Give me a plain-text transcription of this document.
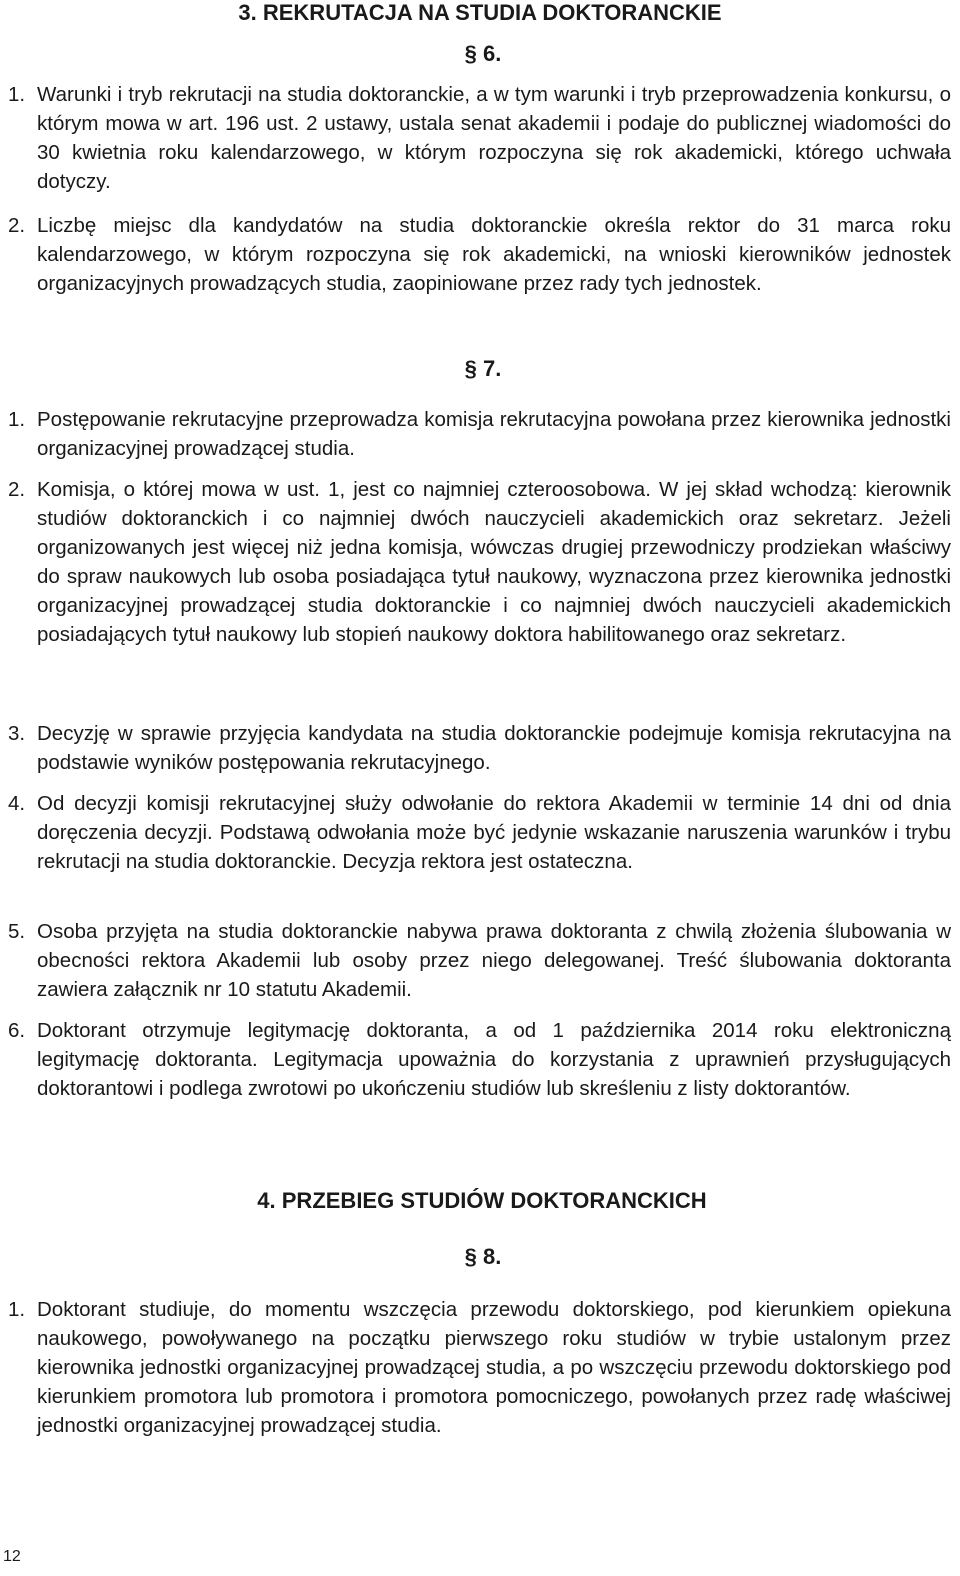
3. REKRUTACJA NA STUDIA DOKTORANCKIE
§ 6.
1. Warunki i tryb rekrutacji na studia doktoranckie, a w tym warunki i tryb przeprowadzenia konkursu, o którym mowa w art. 196 ust. 2 ustawy, ustala senat akademii i podaje do publicznej wiadomości do 30 kwietnia roku kalendarzowego, w którym rozpoczyna się rok akademicki, którego uchwała dotyczy.
2. Liczbę miejsc dla kandydatów na studia doktoranckie określa rektor do 31 marca roku kalendarzowego, w którym rozpoczyna się rok akademicki, na wnioski kierowników jednostek organizacyjnych prowadzących studia, zaopiniowane przez rady tych jednostek.
§ 7.
1. Postępowanie rekrutacyjne przeprowadza komisja rekrutacyjna powołana przez kierownika jednostki organizacyjnej prowadzącej studia.
2. Komisja, o której mowa w ust. 1, jest co najmniej czteroosobowa. W jej skład wchodzą: kierownik studiów doktoranckich i co najmniej dwóch nauczycieli akademickich oraz sekretarz. Jeżeli organizowanych jest więcej niż jedna komisja, wówczas drugiej przewodniczy prodziekan właściwy do spraw naukowych lub osoba posiadająca tytuł naukowy, wyznaczona przez kierownika jednostki organizacyjnej prowadzącej studia doktoranckie i co najmniej dwóch nauczycieli akademickich posiadających tytuł naukowy lub stopień naukowy doktora habilitowanego oraz sekretarz.
3. Decyzję w sprawie przyjęcia kandydata na studia doktoranckie podejmuje komisja rekrutacyjna na podstawie wyników postępowania rekrutacyjnego.
4. Od decyzji komisji rekrutacyjnej służy odwołanie do rektora Akademii w terminie 14 dni od dnia doręczenia decyzji. Podstawą odwołania może być jedynie wskazanie naruszenia warunków i trybu rekrutacji na studia doktoranckie. Decyzja rektora jest ostateczna.
5. Osoba przyjęta na studia doktoranckie nabywa prawa doktoranta z chwilą złożenia ślubowania w obecności rektora Akademii lub osoby przez niego delegowanej. Treść ślubowania doktoranta zawiera załącznik nr 10 statutu Akademii.
6. Doktorant otrzymuje legitymację doktoranta, a od 1 października 2014 roku elektroniczną legitymację doktoranta. Legitymacja upoważnia do korzystania z uprawnień przysługujących doktorantowi i podlega zwrotowi po ukończeniu studiów lub skreśleniu z listy doktorantów.
4. PRZEBIEG STUDIÓW DOKTORANCKICH
§ 8.
1. Doktorant studiuje, do momentu wszczęcia przewodu doktorskiego, pod kierunkiem opiekuna naukowego, powoływanego na początku pierwszego roku studiów w trybie ustalonym przez kierownika jednostki organizacyjnej prowadzącej studia, a po wszczęciu przewodu doktorskiego pod kierunkiem promotora lub promotora i promotora pomocniczego, powołanych przez radę właściwej jednostki organizacyjnej prowadzącej studia.
12
